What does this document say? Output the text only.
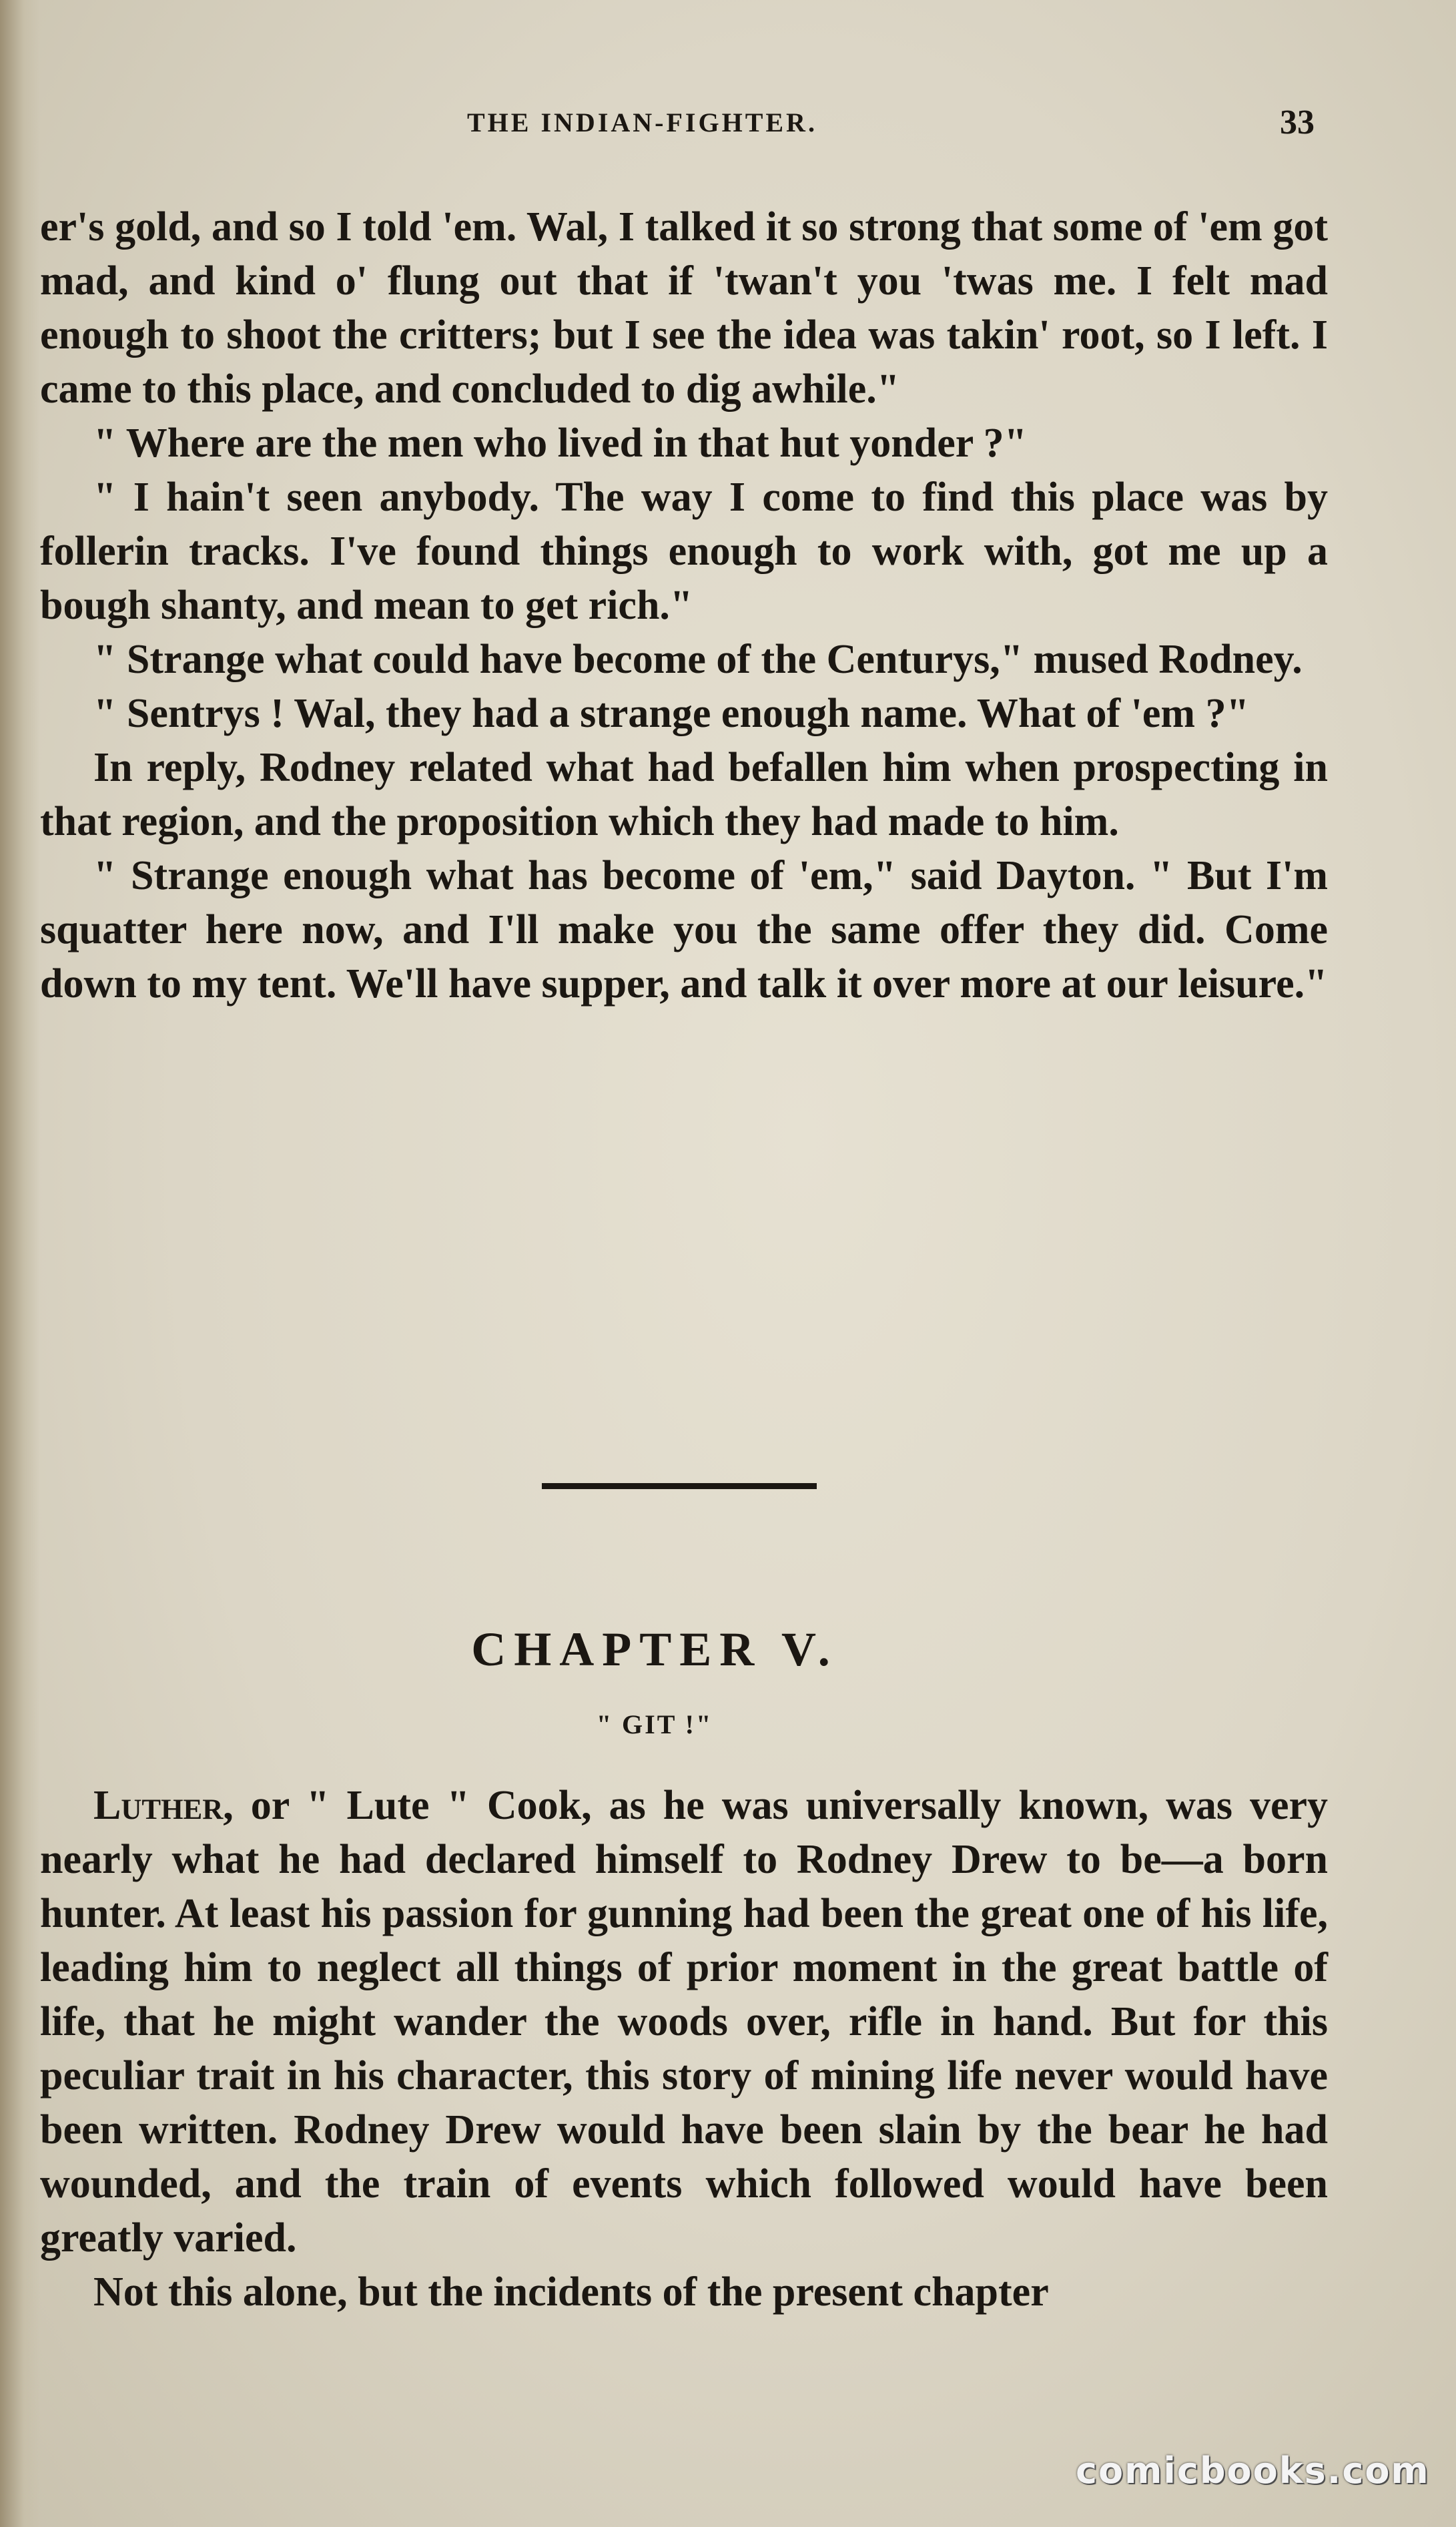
THE INDIAN-FIGHTER.	33

er's gold, and so I told 'em. Wal, I talked it so strong that some of 'em got mad, and kind o' flung out that if 'twan't you 'twas me. I felt mad enough to shoot the critters; but I see the idea was takin' root, so I left. I came to this place, and concluded to dig awhile."

" Where are the men who lived in that hut yonder ?"

" I hain't seen anybody. The way I come to find this place was by follerin tracks. I've found things enough to work with, got me up a bough shanty, and mean to get rich."

" Strange what could have become of the Centurys," mused Rodney.

" Sentrys ! Wal, they had a strange enough name. What of 'em ?"

In reply, Rodney related what had befallen him when prospecting in that region, and the proposition which they had made to him.

" Strange enough what has become of 'em," said Dayton. " But I'm squatter here now, and I'll make you the same offer they did. Come down to my tent. We'll have supper, and talk it over more at our leisure."

CHAPTER V.
" GIT !"

Luther, or " Lute " Cook, as he was universally known, was very nearly what he had declared himself to Rodney Drew to be—a born hunter. At least his passion for gunning had been the great one of his life, leading him to neglect all things of prior moment in the great battle of life, that he might wander the woods over, rifle in hand. But for this peculiar trait in his character, this story of mining life never would have been written. Rodney Drew would have been slain by the bear he had wounded, and the train of events which followed would have been greatly varied.

Not this alone, but the incidents of the present chapter

comicbooks.com
